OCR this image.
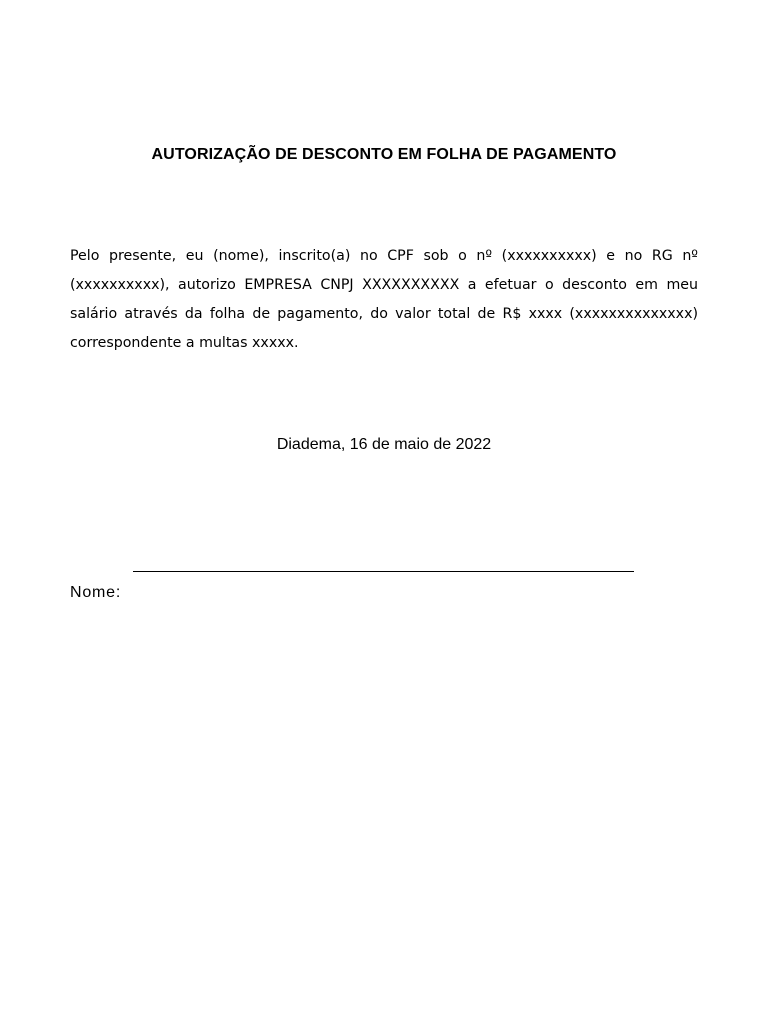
AUTORIZAÇÃO DE DESCONTO EM FOLHA DE PAGAMENTO
Pelo presente, eu (nome), inscrito(a) no CPF sob o nº (xxxxxxxxxx) e no RG nº (xxxxxxxxxx), autorizo EMPRESA CNPJ XXXXXXXXXX a efetuar o desconto em meu salário através da folha de pagamento, do valor total de R$ xxxx (xxxxxxxxxxxxxx) correspondente a multas xxxxx.
Diadema, 16 de maio de 2022
Nome:
